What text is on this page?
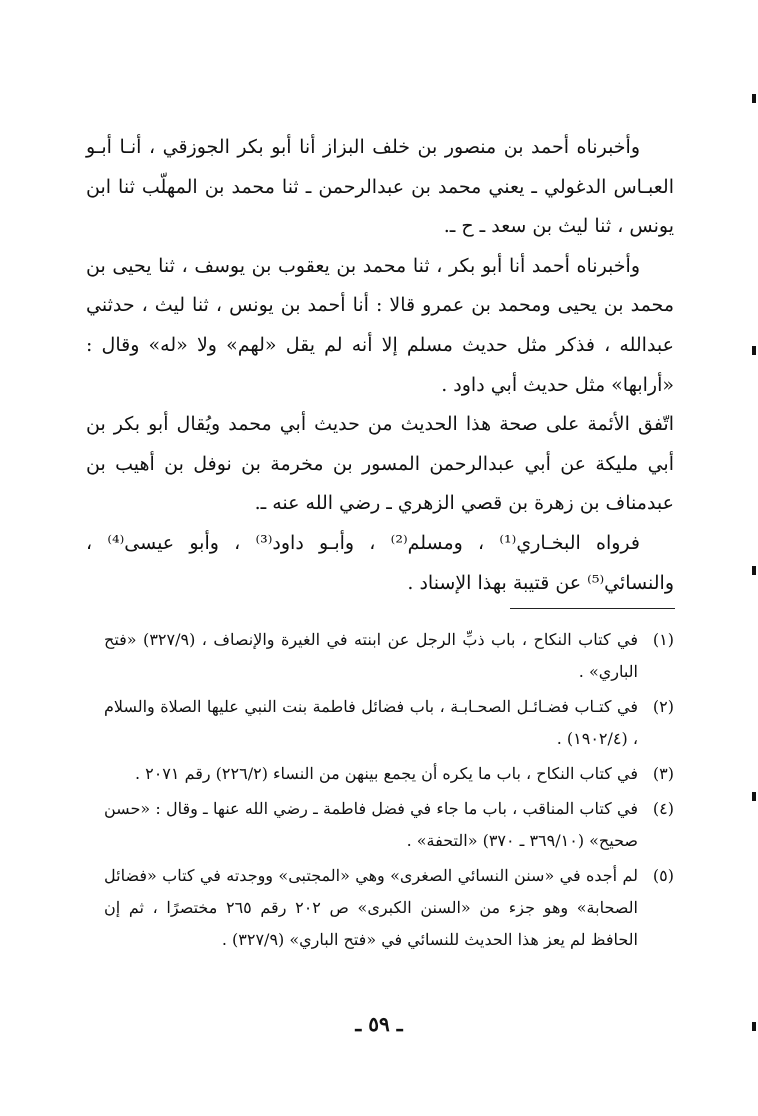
وأخبرناه أحمد بن منصور بن خلف البزاز أنا أبو بكر الجوزقي ، أنـا أبـو العبـاس الدغولي ـ يعني محمد بن عبدالرحمن ـ ثنا محمد بن المهلّب ثنا ابن يونس ، ثنا ليث بن سعد ـ ح ـ.

وأخبرناه أحمد أنا أبو بكر ، ثنا محمد بن يعقوب بن يوسف ، ثنا يحيى بن محمد بن يحيى ومحمد بن عمرو قالا : أنا أحمد بن يونس ، ثنا ليث ، حدثني عبدالله ، فذكر مثل حديث مسلم إلا أنه لم يقل «لهم» ولا «له» وقال : «أرابها» مثل حديث أبي داود .

اتّفق الأئمة على صحة هذا الحديث من حديث أبي محمد ويُقال أبو بكر بن أبي مليكة عن أبي عبدالرحمن المسور بن مخرمة بن نوفل بن أهيب بن عبدمناف بن زهرة بن قصي الزهري ـ رضي الله عنه ـ.

فرواه البخـاري⁽¹⁾ ، ومسلم⁽²⁾ ، وأبـو داود⁽³⁾ ، وأبو عيسى⁽⁴⁾ ، والنسائي⁽⁵⁾ عن قتيبة بهذا الإسناد .

(١)
في كتاب النكاح ، باب ذبِّ الرجل عن ابنته في الغيرة والإنصاف ، (٣٢٧/٩) «فتح الباري» .
(٢)
في كتـاب فضـائـل الصحـابـة ، باب فضائل فاطمة بنت النبي عليها الصلاة والسلام ، (١٩٠٢/٤) .
(٣)
في كتاب النكاح ، باب ما يكره أن يجمع بينهن من النساء (٢٢٦/٢) رقم ٢٠٧١ .
(٤)
في كتاب المناقب ، باب ما جاء في فضل فاطمة ـ رضي الله عنها ـ وقال : «حسن صحيح» (٣٦٩/١٠ ـ ٣٧٠) «التحفة» .
(٥)
لم أجده في «سنن النسائي الصغرى» وهي «المجتبى» ووجدته في كتاب «فضائل الصحابة» وهو جزء من «السنن الكبرى» ص ٢٠٢ رقم ٢٦٥ مختصرًا ، ثم إن الحافظ لم يعز هذا الحديث للنسائي في «فتح الباري» (٣٢٧/٩) .
ـ ٥٩ ـ
